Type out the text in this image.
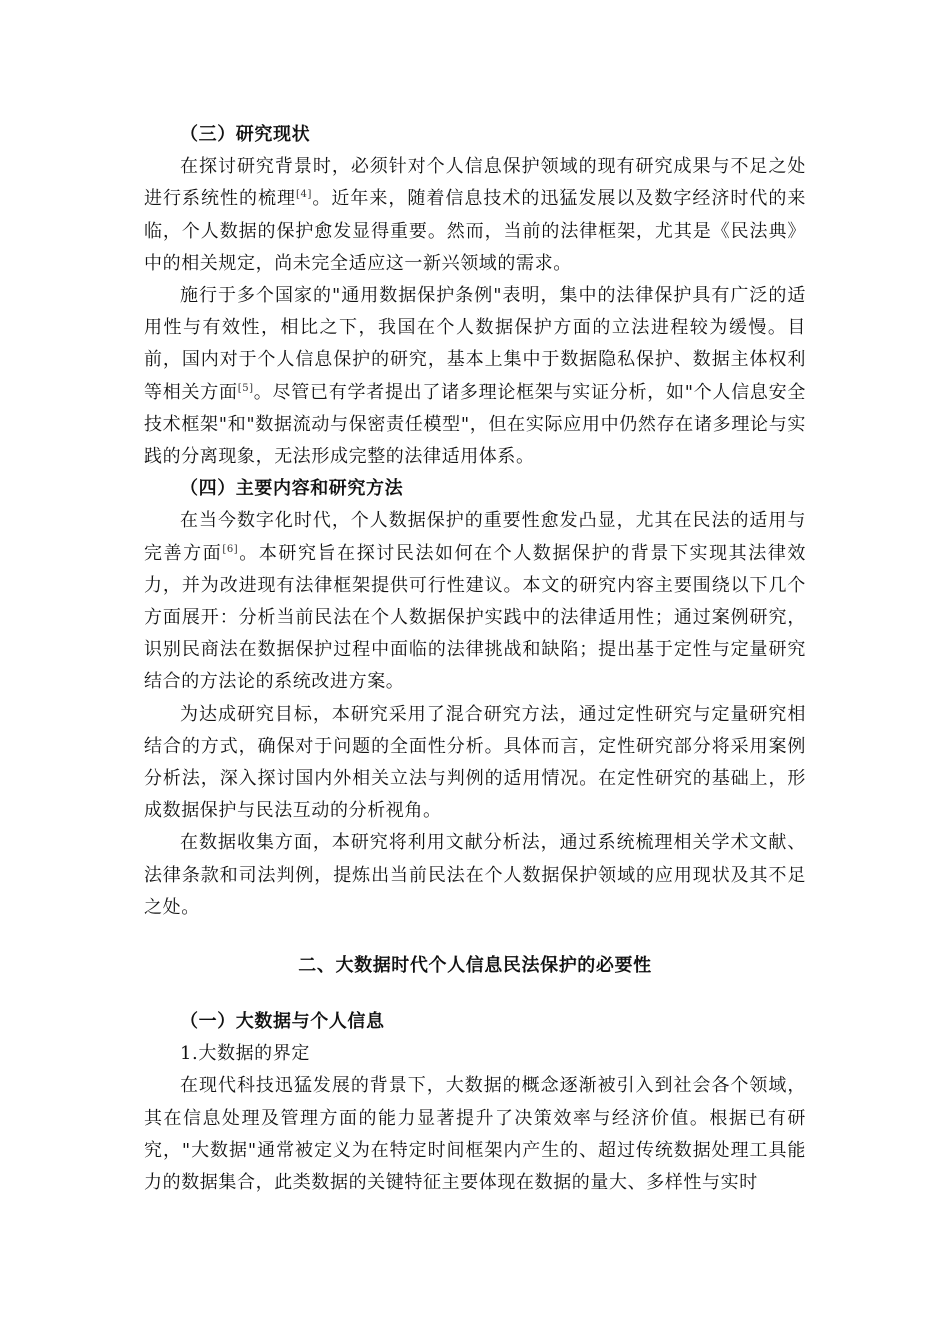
（三）研究现状

在探讨研究背景时，必须针对个人信息保护领域的现有研究成果与不足之处进行系统性的梳理[4]。近年来，随着信息技术的迅猛发展以及数字经济时代的来临，个人数据的保护愈发显得重要。然而，当前的法律框架，尤其是《民法典》中的相关规定，尚未完全适应这一新兴领域的需求。

施行于多个国家的"通用数据保护条例"表明，集中的法律保护具有广泛的适用性与有效性，相比之下，我国在个人数据保护方面的立法进程较为缓慢。目前，国内对于个人信息保护的研究，基本上集中于数据隐私保护、数据主体权利等相关方面[5]。尽管已有学者提出了诸多理论框架与实证分析，如"个人信息安全技术框架"和"数据流动与保密责任模型"，但在实际应用中仍然存在诸多理论与实践的分离现象，无法形成完整的法律适用体系。

（四）主要内容和研究方法

在当今数字化时代，个人数据保护的重要性愈发凸显，尤其在民法的适用与完善方面[6]。本研究旨在探讨民法如何在个人数据保护的背景下实现其法律效力，并为改进现有法律框架提供可行性建议。本文的研究内容主要围绕以下几个方面展开：分析当前民法在个人数据保护实践中的法律适用性；通过案例研究，识别民商法在数据保护过程中面临的法律挑战和缺陷；提出基于定性与定量研究结合的方法论的系统改进方案。

为达成研究目标，本研究采用了混合研究方法，通过定性研究与定量研究相结合的方式，确保对于问题的全面性分析。具体而言，定性研究部分将采用案例分析法，深入探讨国内外相关立法与判例的适用情况。在定性研究的基础上，形成数据保护与民法互动的分析视角。

在数据收集方面，本研究将利用文献分析法，通过系统梳理相关学术文献、法律条款和司法判例，提炼出当前民法在个人数据保护领域的应用现状及其不足之处。

二、大数据时代个人信息民法保护的必要性

（一）大数据与个人信息

1.大数据的界定

在现代科技迅猛发展的背景下，大数据的概念逐渐被引入到社会各个领域，其在信息处理及管理方面的能力显著提升了决策效率与经济价值。根据已有研究，"大数据"通常被定义为在特定时间框架内产生的、超过传统数据处理工具能力的数据集合，此类数据的关键特征主要体现在数据的量大、多样性与实时
